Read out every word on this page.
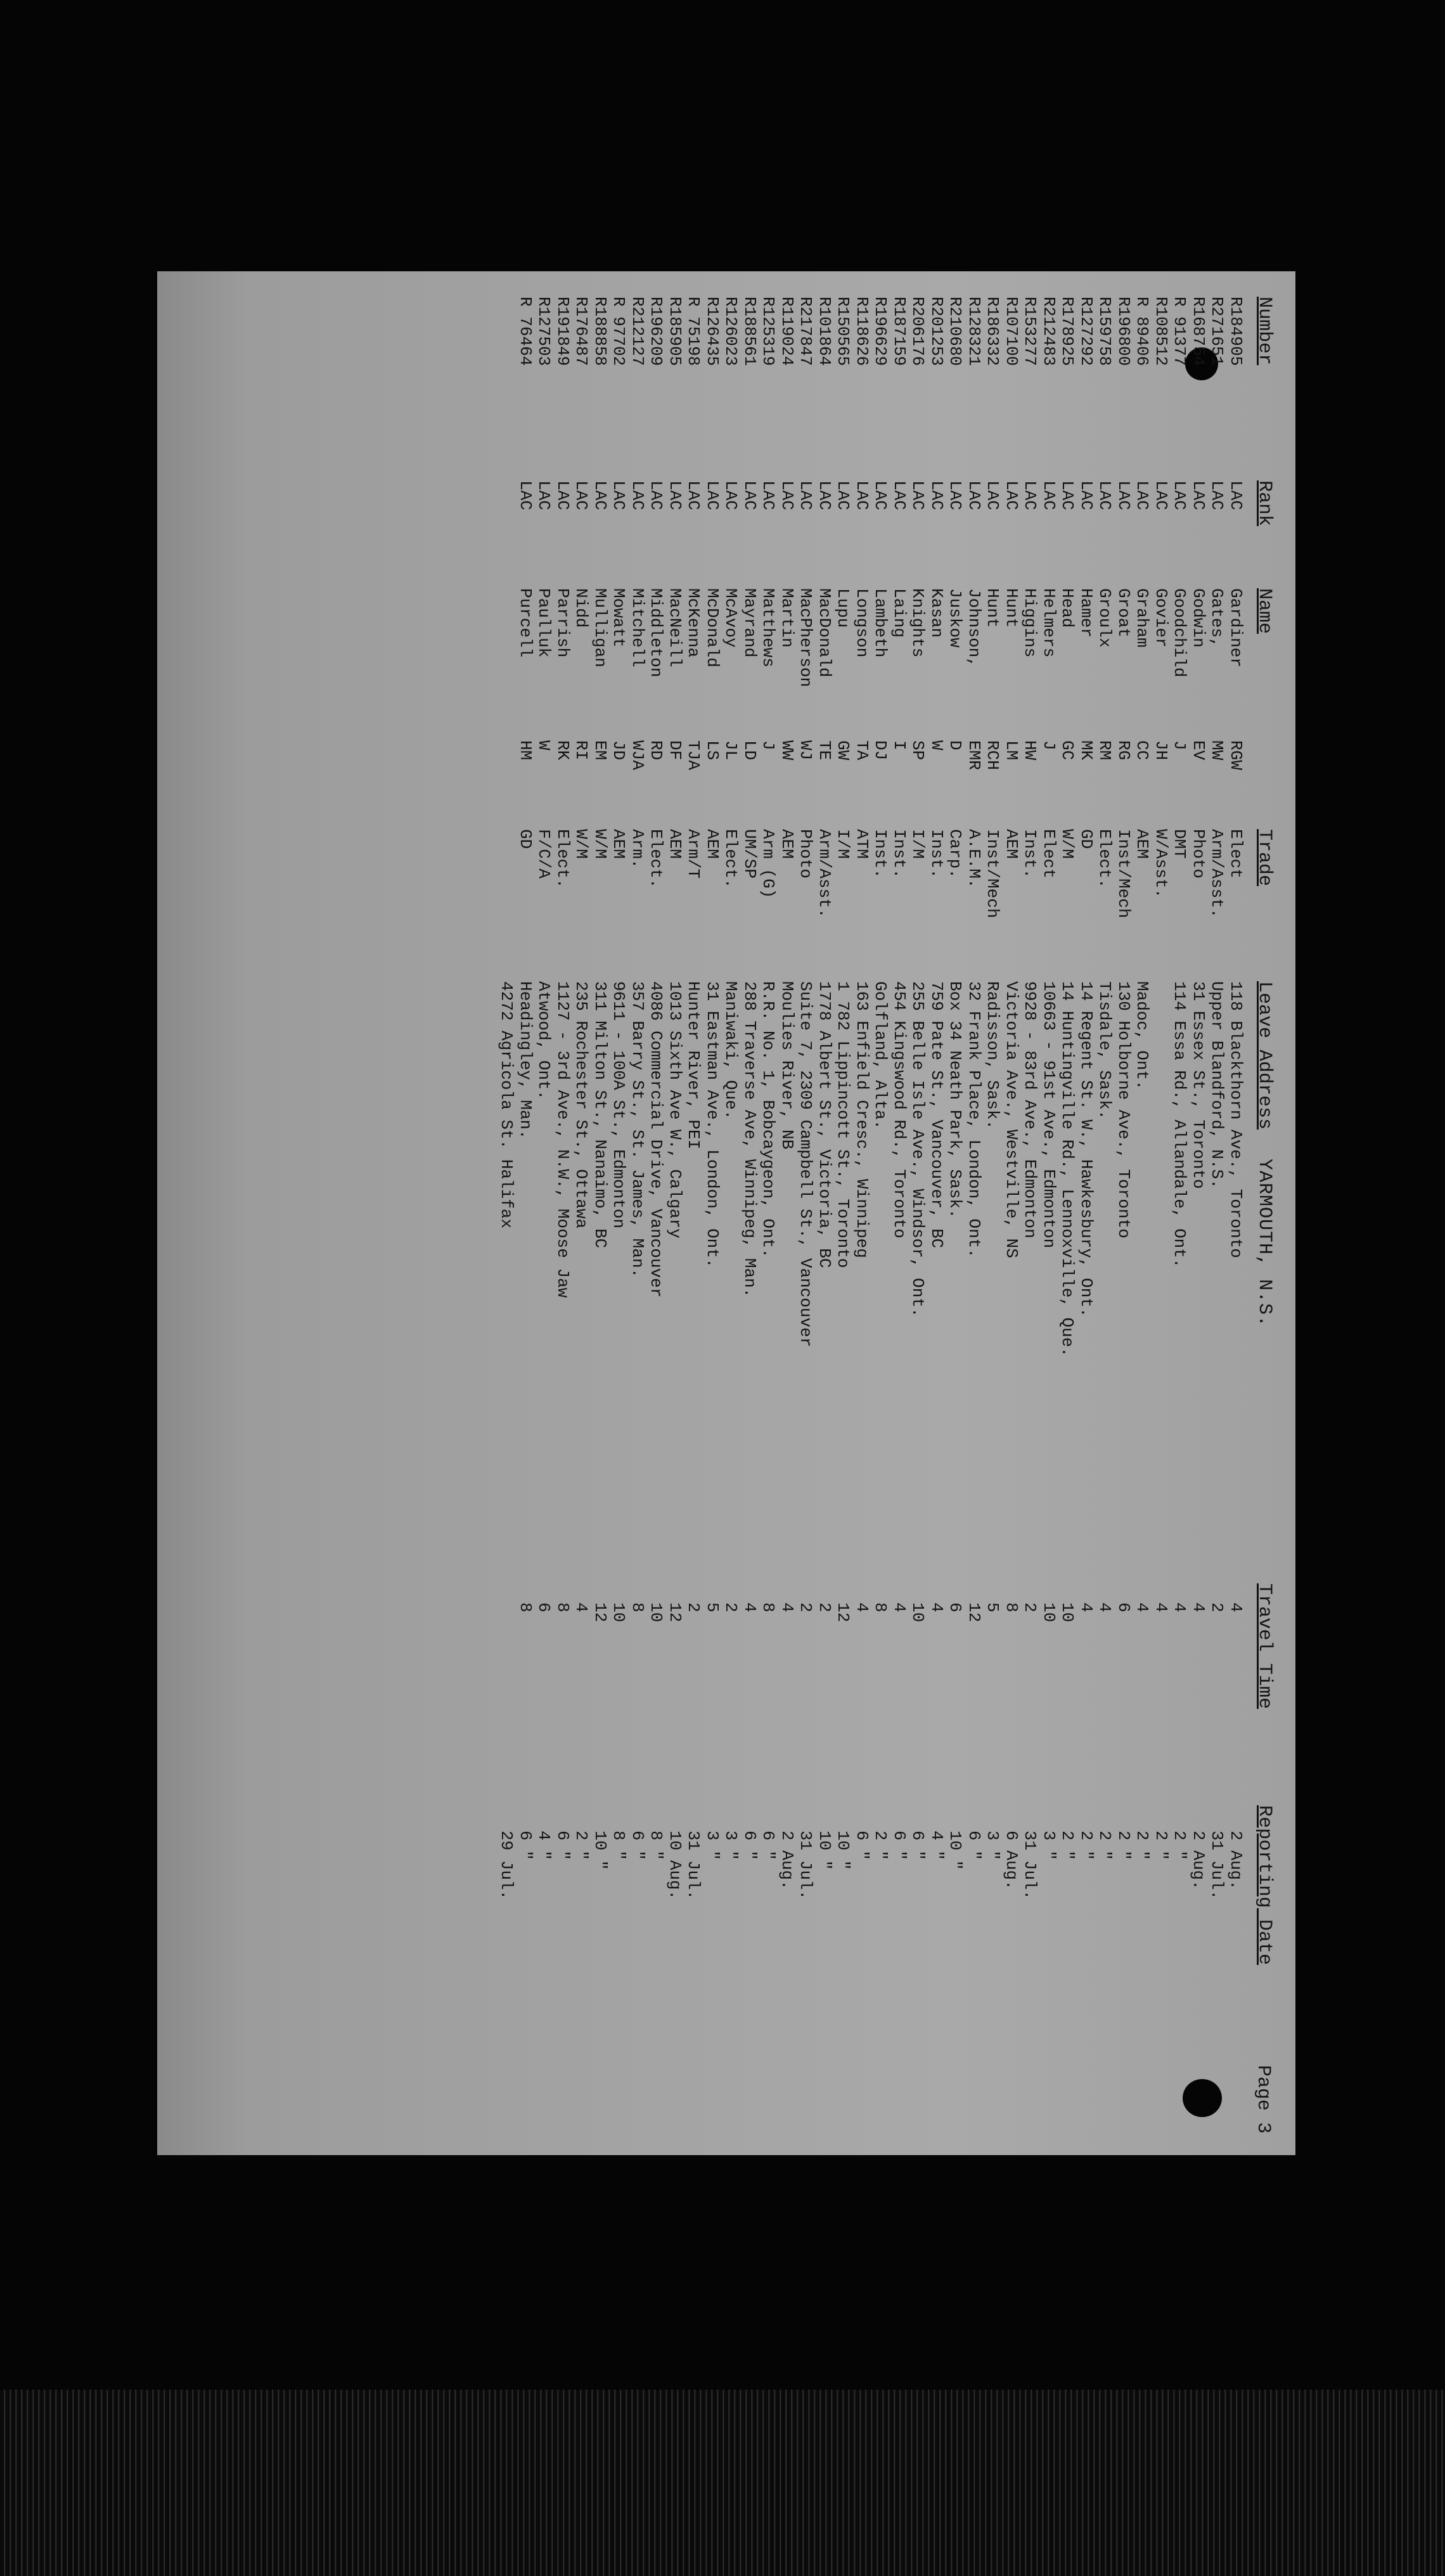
YARMOUTH, N.S.
Page 3
Number
Rank
Name
Trade
Leave Address
Travel Time
Reporting Date
R184905
LAC
Gardiner
RGW
Elect
118 Blackthorn Ave., Toronto
4
2 Aug.
R271651
LAC
Gates,
MW
Arm/Asst.
Upper Blandford, N.S.
2
31 Jul.
R168754
LAC
Godwin
EV
Photo
31 Essex St., Toronto
4
2 Aug.
R 91377
LAC
Goodchild
J
DMT
114 Essa Rd., Allandale, Ont.
4
2 "
R108512
LAC
Govier
JH
W/Asst.
4
2 "
R 89406
LAC
Graham
CC
AEM
Madoc, Ont.
4
2 "
R196800
LAC
Groat
RG
Inst/Mech
130 Holborne Ave., Toronto
6
2 "
R159758
LAC
Groulx
RM
Elect.
Tisdale, Sask.
4
2 "
R127292
LAC
Hamer
MK
GD
14 Regent St. W., Hawkesbury, Ont.
4
2 "
R178925
LAC
Head
GC
W/M
14 Huntingville Rd., Lennoxville, Que.
10
2 "
R212483
LAC
Helmers
J
Elect
10663 - 91st Ave., Edmonton
10
3 "
R153277
LAC
Higgins
HW
Inst.
9928 - 83rd Ave., Edmonton
2
31 Jul.
R107100
LAC
Hunt
LM
AEM
Victoria Ave., Westville, NS
8
6 Aug.
R186332
LAC
Hunt
RCH
Inst/Mech
Radisson, Sask.
5
3 "
R128321
LAC
Johnson,
EMR
A.E.M.
32 Frank Place, London, Ont.
12
6 "
R210680
LAC
Juskow
D
Carp.
Box 34 Neath Park, Sask.
6
10 "
R201253
LAC
Kasan
W
Inst.
759 Pate St., Vancouver, BC
4
4 "
R206176
LAC
Knights
SP
I/M
255 Belle Isle Ave., Windsor, Ont.
10
6 "
R187159
LAC
Laing
I
Inst.
454 Kingswood Rd., Toronto
4
6 "
R196629
LAC
Lambeth
DJ
Inst.
Golfland, Alta.
8
2 "
R118626
LAC
Longson
TA
ATM
163 Enfield Cresc., Winnipeg
4
6 "
R150565
LAC
Lupu
GW
I/M
1 782 Lippincott St., Toronto
12
10 "
R101864
LAC
MacDonald
TE
Arm/Asst.
1778 Albert St., Victoria, BC
2
10 "
R217847
LAC
MacPherson
WJ
Photo
Suite 7, 2309 Campbell St., Vancouver
2
31 Jul.
R119024
LAC
Martin
WW
AEM
Moulies River, NB
4
2 Aug.
R125319
LAC
Matthews
J
Arm (G)
R.R. No. 1, Bobcaygeon, Ont.
8
6 "
R188561
LAC
Mayrand
LD
UM/SP
288 Traverse Ave, Winnipeg, Man.
4
6 "
R126023
LAC
McAvoy
JL
Elect.
Maniwaki, Que.
2
3 "
R126435
LAC
McDonald
LS
AEM
31 Eastman Ave., London, Ont.
5
3 "
R 75198
LAC
McKenna
TJA
Arm/T
Hunter River, PEI
2
31 Jul.
R185905
LAC
MacNeill
DF
AEM
1013 Sixth Ave W., Calgary
12
10 Aug.
R196209
LAC
Middleton
RD
Elect.
4086 Commercial Drive, Vancouver
10
8 "
R212127
LAC
Mitchell
WJA
Arm.
357 Barry St., St. James, Man.
8
6 "
R 97702
LAC
Mowatt
JD
AEM
9611 - 100A St., Edmonton
10
8 "
R188858
LAC
Mulligan
EM
W/M
311 Milton St., Nanaimo, BC
12
10 "
R176487
LAC
Nidd
RI
W/M
235 Rochester St., Ottawa
4
2 "
R191849
LAC
Parrish
RK
Elect.
1127 - 3rd Ave., N.W., Moose Jaw
8
6 "
R127503
LAC
Paulluk
W
F/C/A
Atwood, Ont.
6
4 "
R 76464
LAC
Purcell
HM
GD
Headingley, Man.
8
6 "
4272 Agricola St. Halifax
29 Jul.
